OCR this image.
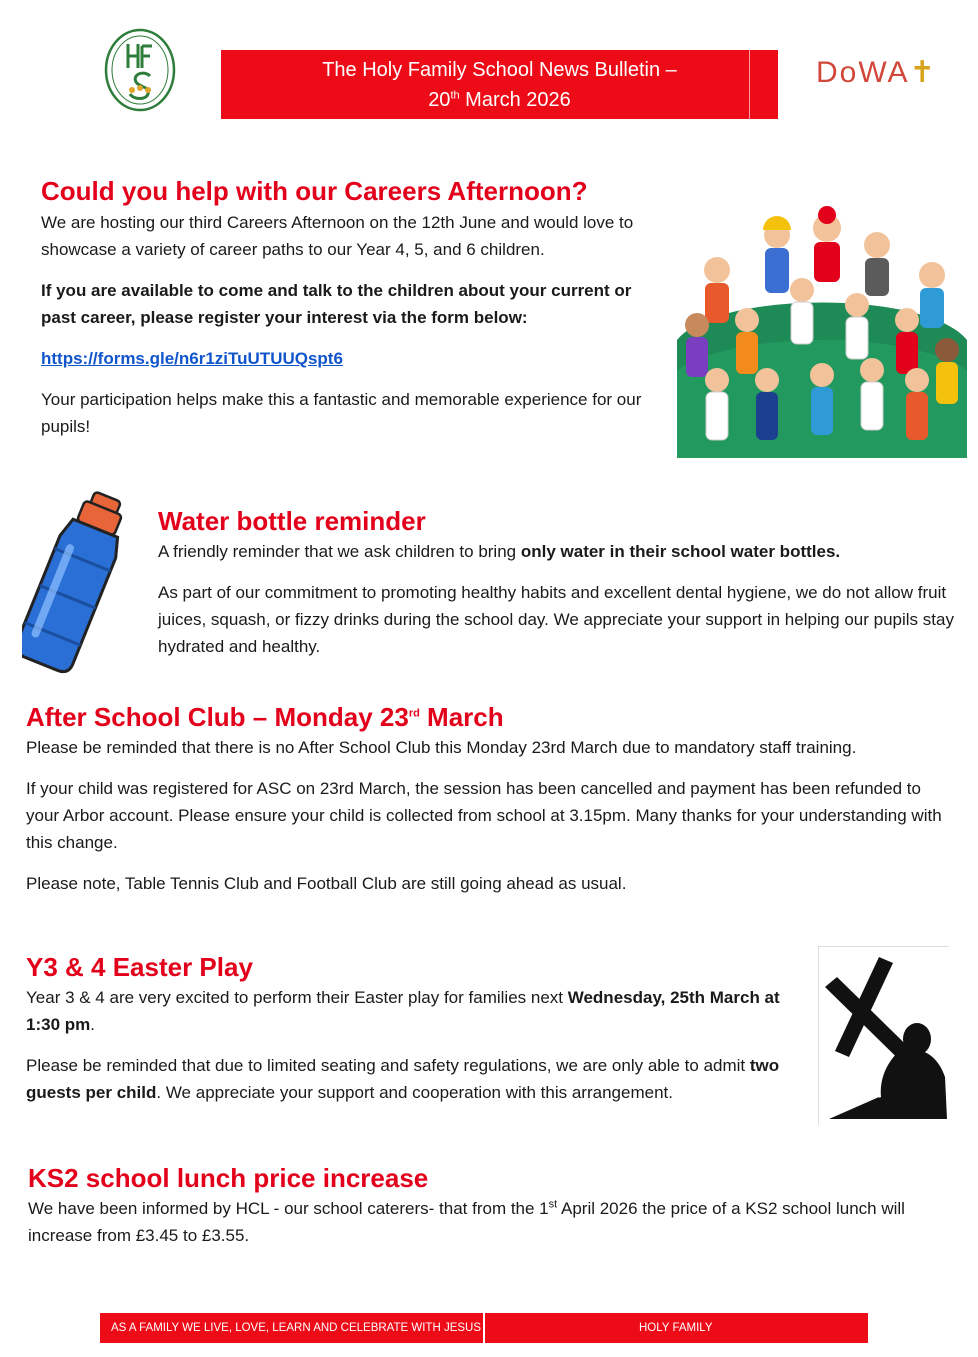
The Holy Family School News Bulletin –
20th March 2026
DoWA✝
Could you help with our Careers Afternoon?

We are hosting our third Careers Afternoon on the 12th June and would love to showcase a variety of career paths to our Year 4, 5, and 6 children.

If you are available to come and talk to the children about your current or past career, please register your interest via the form below:

https://forms.gle/n6r1ziTuUTUUQspt6

Your participation helps make this a fantastic and memorable experience for our pupils!

Water bottle reminder

A friendly reminder that we ask children to bring only water in their school water bottles.

As part of our commitment to promoting healthy habits and excellent dental hygiene, we do not allow fruit juices, squash, or fizzy drinks during the school day. We appreciate your support in helping our pupils stay hydrated and healthy.

After School Club – Monday 23rd March

Please be reminded that there is no After School Club this Monday 23rd March due to mandatory staff training.

If your child was registered for ASC on 23rd March, the session has been cancelled and payment has been refunded to your Arbor account. Please ensure your child is collected from school at 3.15pm. Many thanks for your understanding with this change.

Please note, Table Tennis Club and Football Club are still going ahead as usual.

Y3 & 4 Easter Play

Year 3 & 4 are very excited to perform their Easter play for families next Wednesday, 25th March at 1:30 pm.

Please be reminded that due to limited seating and safety regulations, we are only able to admit two guests per child. We appreciate your support and cooperation with this arrangement.

KS2 school lunch price increase

We have been informed by HCL - our school caterers- that from the 1st April 2026 the price of a KS2 school lunch will increase from £3.45 to £3.55.

AS A FAMILY WE LIVE, LOVE, LEARN AND CELEBRATE WITH JESUS	HOLY FAMILY
